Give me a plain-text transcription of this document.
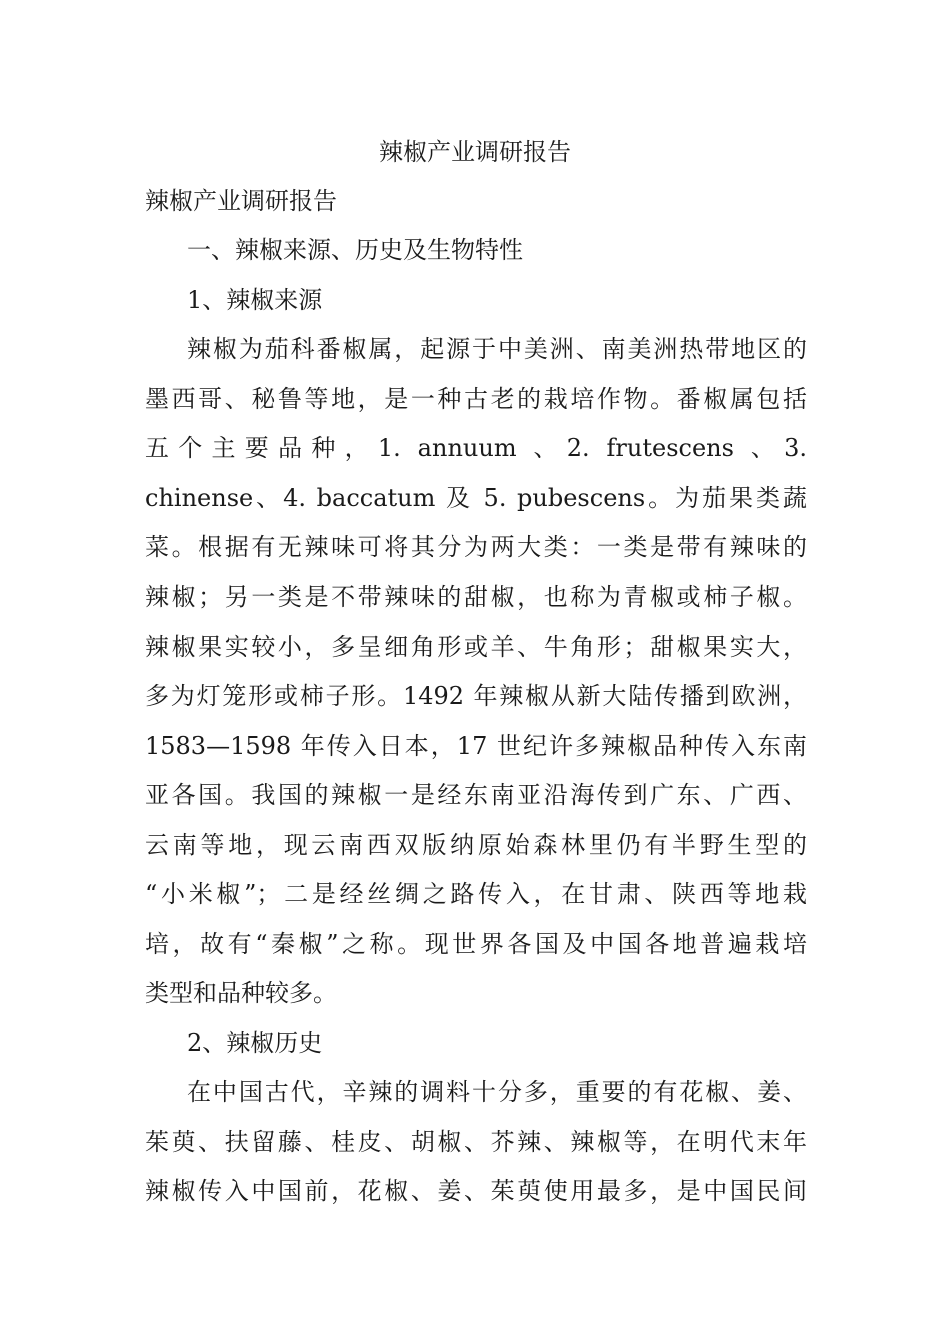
辣椒产业调研报告
辣椒产业调研报告
一、辣椒来源、历史及生物特性
1、辣椒来源
辣椒为茄科番椒属，起源于中美洲、南美洲热带地区的
墨西哥、秘鲁等地，是一种古老的栽培作物。番椒属包括
五个主要品种，1. annuum 、2. frutescens 、3.
chinense、4. baccatum 及 5. pubescens。为茄果类蔬
菜。根据有无辣味可将其分为两大类：一类是带有辣味的
辣椒；另一类是不带辣味的甜椒，也称为青椒或柿子椒。
辣椒果实较小，多呈细角形或羊、牛角形；甜椒果实大，
多为灯笼形或柿子形。1492 年辣椒从新大陆传播到欧洲，
1583—1598 年传入日本，17 世纪许多辣椒品种传入东南
亚各国。我国的辣椒一是经东南亚沿海传到广东、广西、
云南等地，现云南西双版纳原始森林里仍有半野生型的
“小米椒”；二是经丝绸之路传入，在甘肃、陕西等地栽
培，故有“秦椒”之称。现世界各国及中国各地普遍栽培
类型和品种较多。
2、辣椒历史
在中国古代，辛辣的调料十分多，重要的有花椒、姜、
茱萸、扶留藤、桂皮、胡椒、芥辣、辣椒等，在明代末年
辣椒传入中国前，花椒、姜、茱萸使用最多，是中国民间
